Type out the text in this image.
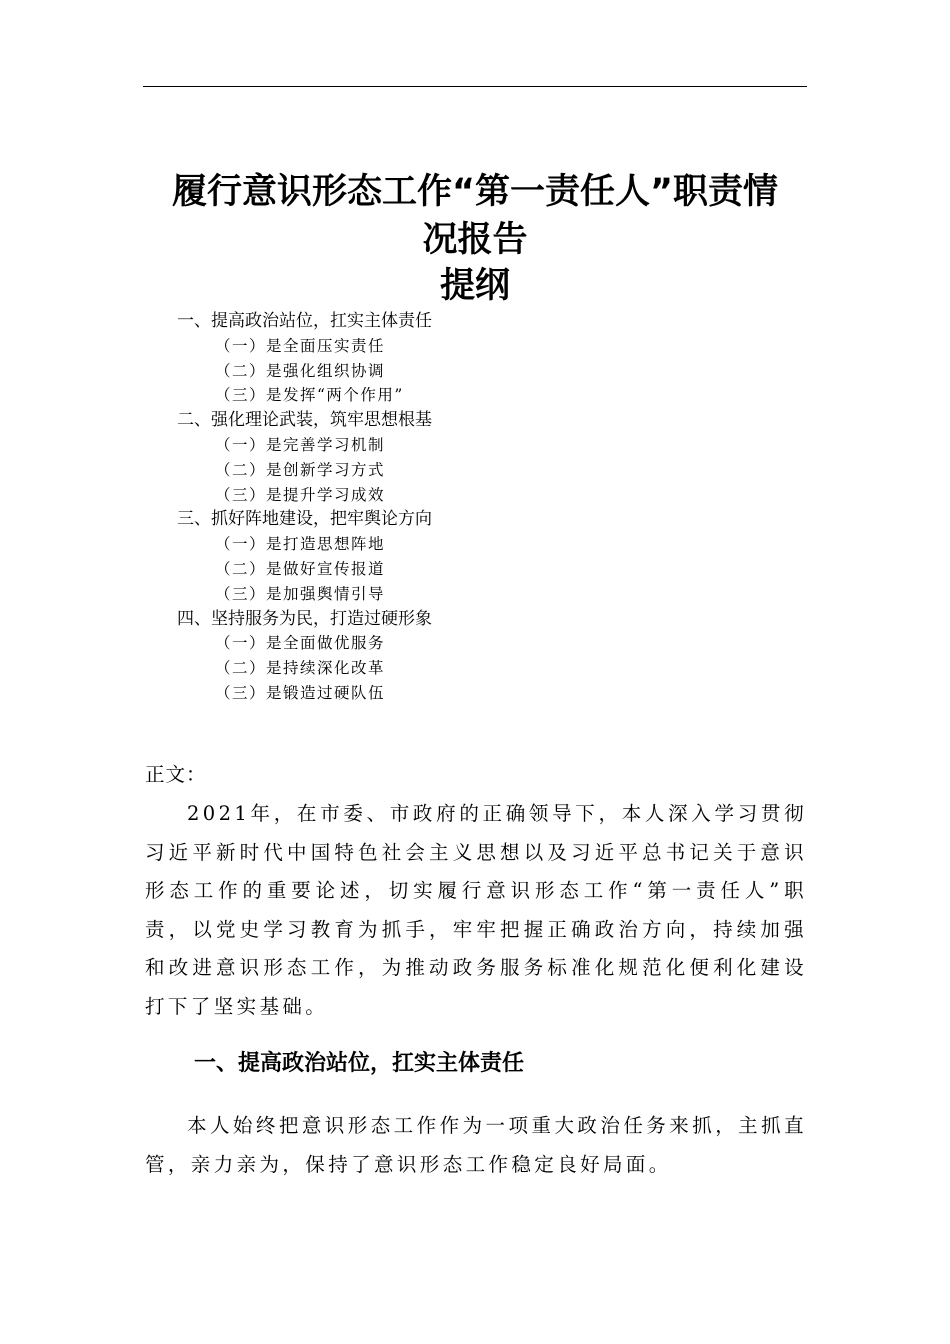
履行意识形态工作“第一责任人”职责情
况报告
提纲
一、提高政治站位，扛实主体责任
（一）是全面压实责任
（二）是强化组织协调
（三）是发挥“两个作用”
二、强化理论武装，筑牢思想根基
（一）是完善学习机制
（二）是创新学习方式
（三）是提升学习成效
三、抓好阵地建设，把牢舆论方向
（一）是打造思想阵地
（二）是做好宣传报道
（三）是加强舆情引导
四、坚持服务为民，打造过硬形象
（一）是全面做优服务
（二）是持续深化改革
（三）是锻造过硬队伍

正文：

2021年，在市委、市政府的正确领导下，本人深入学习贯彻习近平新时代中国特色社会主义思想以及习近平总书记关于意识形态工作的重要论述，切实履行意识形态工作“第一责任人”职责，以党史学习教育为抓手，牢牢把握正确政治方向，持续加强和改进意识形态工作，为推动政务服务标准化规范化便利化建设打下了坚实基础。

一、提高政治站位，扛实主体责任

本人始终把意识形态工作作为一项重大政治任务来抓，主抓直管，亲力亲为，保持了意识形态工作稳定良好局面。
